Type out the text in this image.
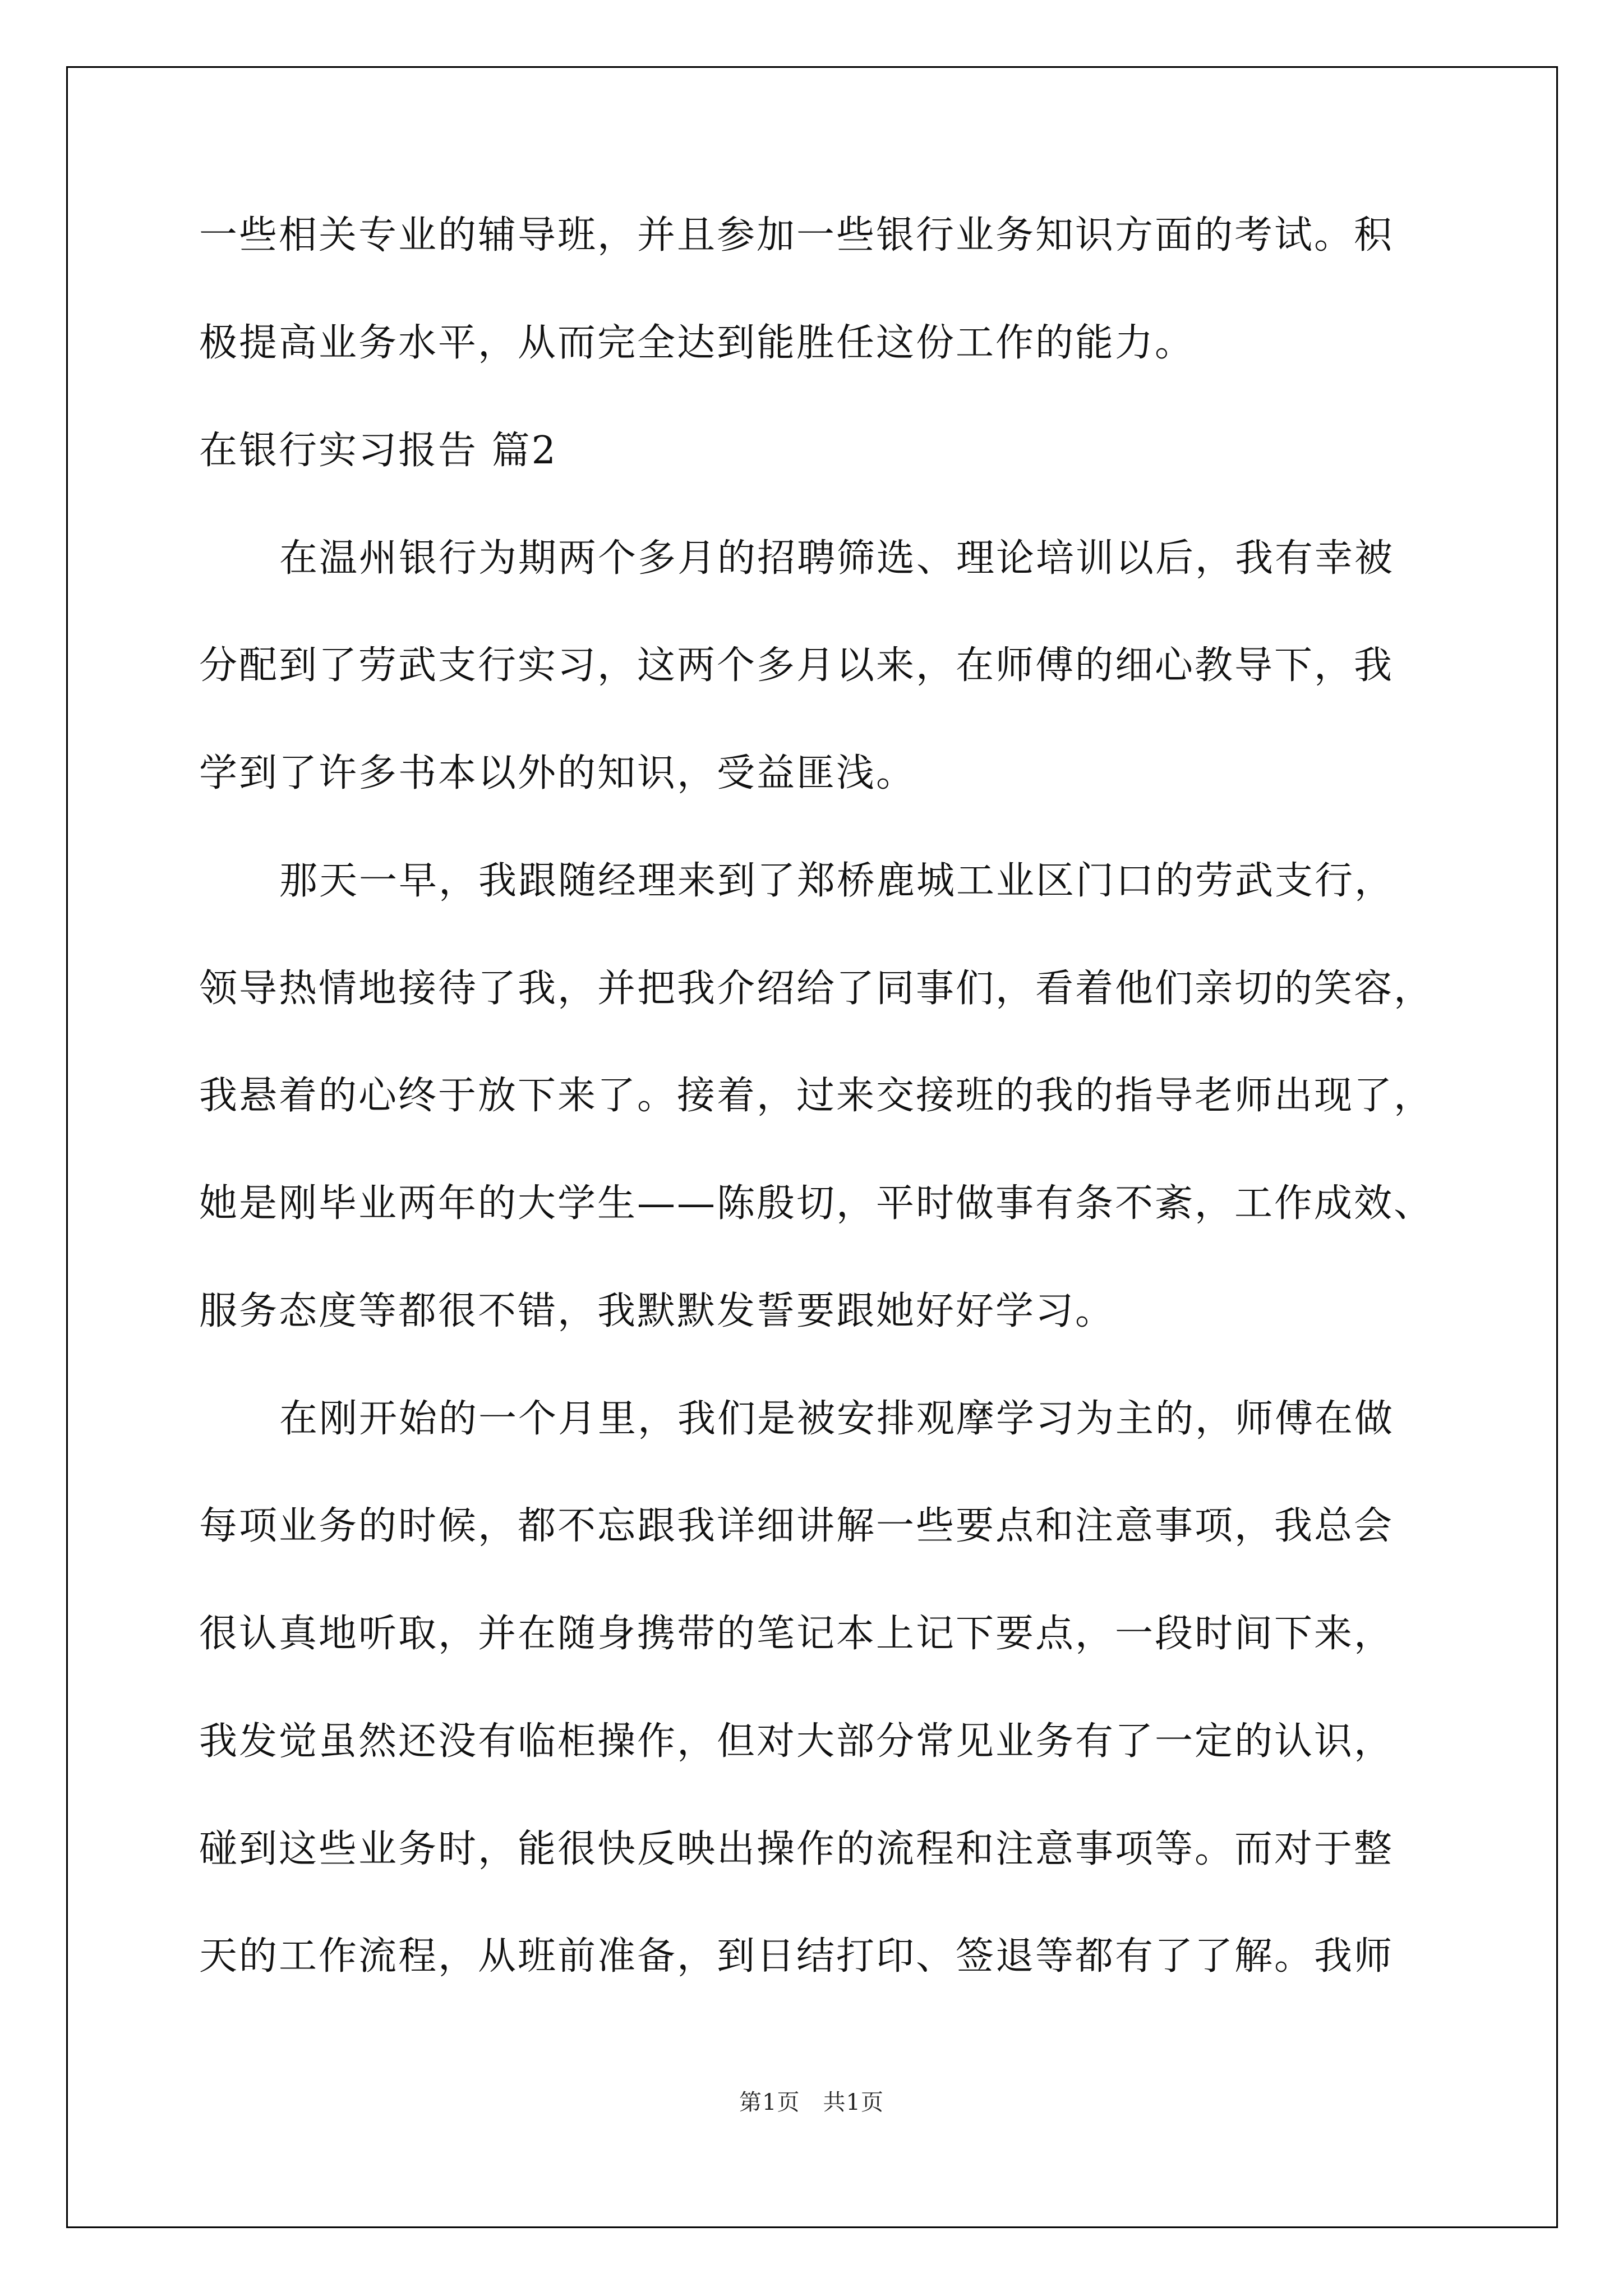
一些相关专业的辅导班，并且参加一些银行业务知识方面的考试。积
极提高业务水平，从而完全达到能胜任这份工作的能力。
在银行实习报告 篇2
在温州银行为期两个多月的招聘筛选、理论培训以后，我有幸被
分配到了劳武支行实习，这两个多月以来，在师傅的细心教导下，我
学到了许多书本以外的知识，受益匪浅。
那天一早，我跟随经理来到了郑桥鹿城工业区门口的劳武支行，
领导热情地接待了我，并把我介绍给了同事们，看着他们亲切的笑容，
我悬着的心终于放下来了。接着，过来交接班的我的指导老师出现了，
她是刚毕业两年的大学生——陈殷切，平时做事有条不紊，工作成效、
服务态度等都很不错，我默默发誓要跟她好好学习。
在刚开始的一个月里，我们是被安排观摩学习为主的，师傅在做
每项业务的时候，都不忘跟我详细讲解一些要点和注意事项，我总会
很认真地听取，并在随身携带的笔记本上记下要点，一段时间下来，
我发觉虽然还没有临柜操作，但对大部分常见业务有了一定的认识，
碰到这些业务时，能很快反映出操作的流程和注意事项等。而对于整
天的工作流程，从班前准备，到日结打印、签退等都有了了解。我师
第1页　共1页
